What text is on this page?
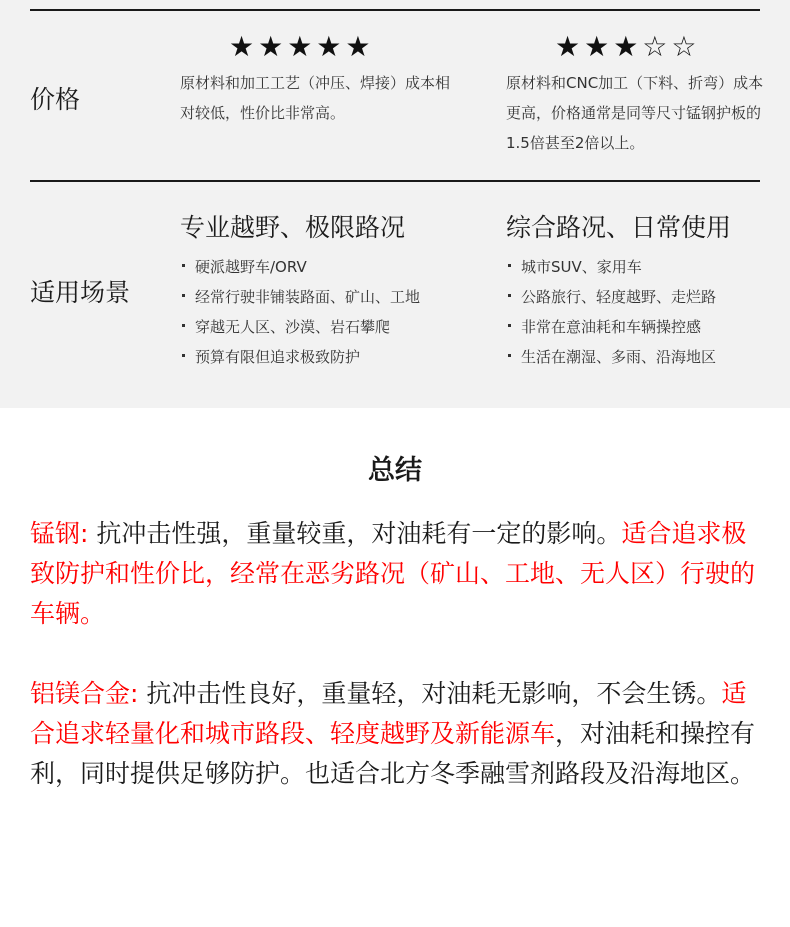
价格
★★★★★
原材料和加工工艺（冲压、焊接）成本相对较低，性价比非常高。
★★★☆☆
原材料和CNC加工（下料、折弯）成本更高，价格通常是同等尺寸锰钢护板的1.5倍甚至2倍以上。
适用场景
专业越野、极限路况
硬派越野车/ORV
经常行驶非铺装路面、矿山、工地
穿越无人区、沙漠、岩石攀爬
预算有限但追求极致防护
综合路况、日常使用
城市SUV、家用车
公路旅行、轻度越野、走烂路
非常在意油耗和车辆操控感
生活在潮湿、多雨、沿海地区
总结
锰钢: 抗冲击性强，重量较重，对油耗有一定的影响。适合追求极致防护和性价比，经常在恶劣路况（矿山、工地、无人区）行驶的车辆。
铝镁合金: 抗冲击性良好，重量轻，对油耗无影响，不会生锈。适合追求轻量化和城市路段、轻度越野及新能源车，对油耗和操控有利，同时提供足够防护。也适合北方冬季融雪剂路段及沿海地区。
